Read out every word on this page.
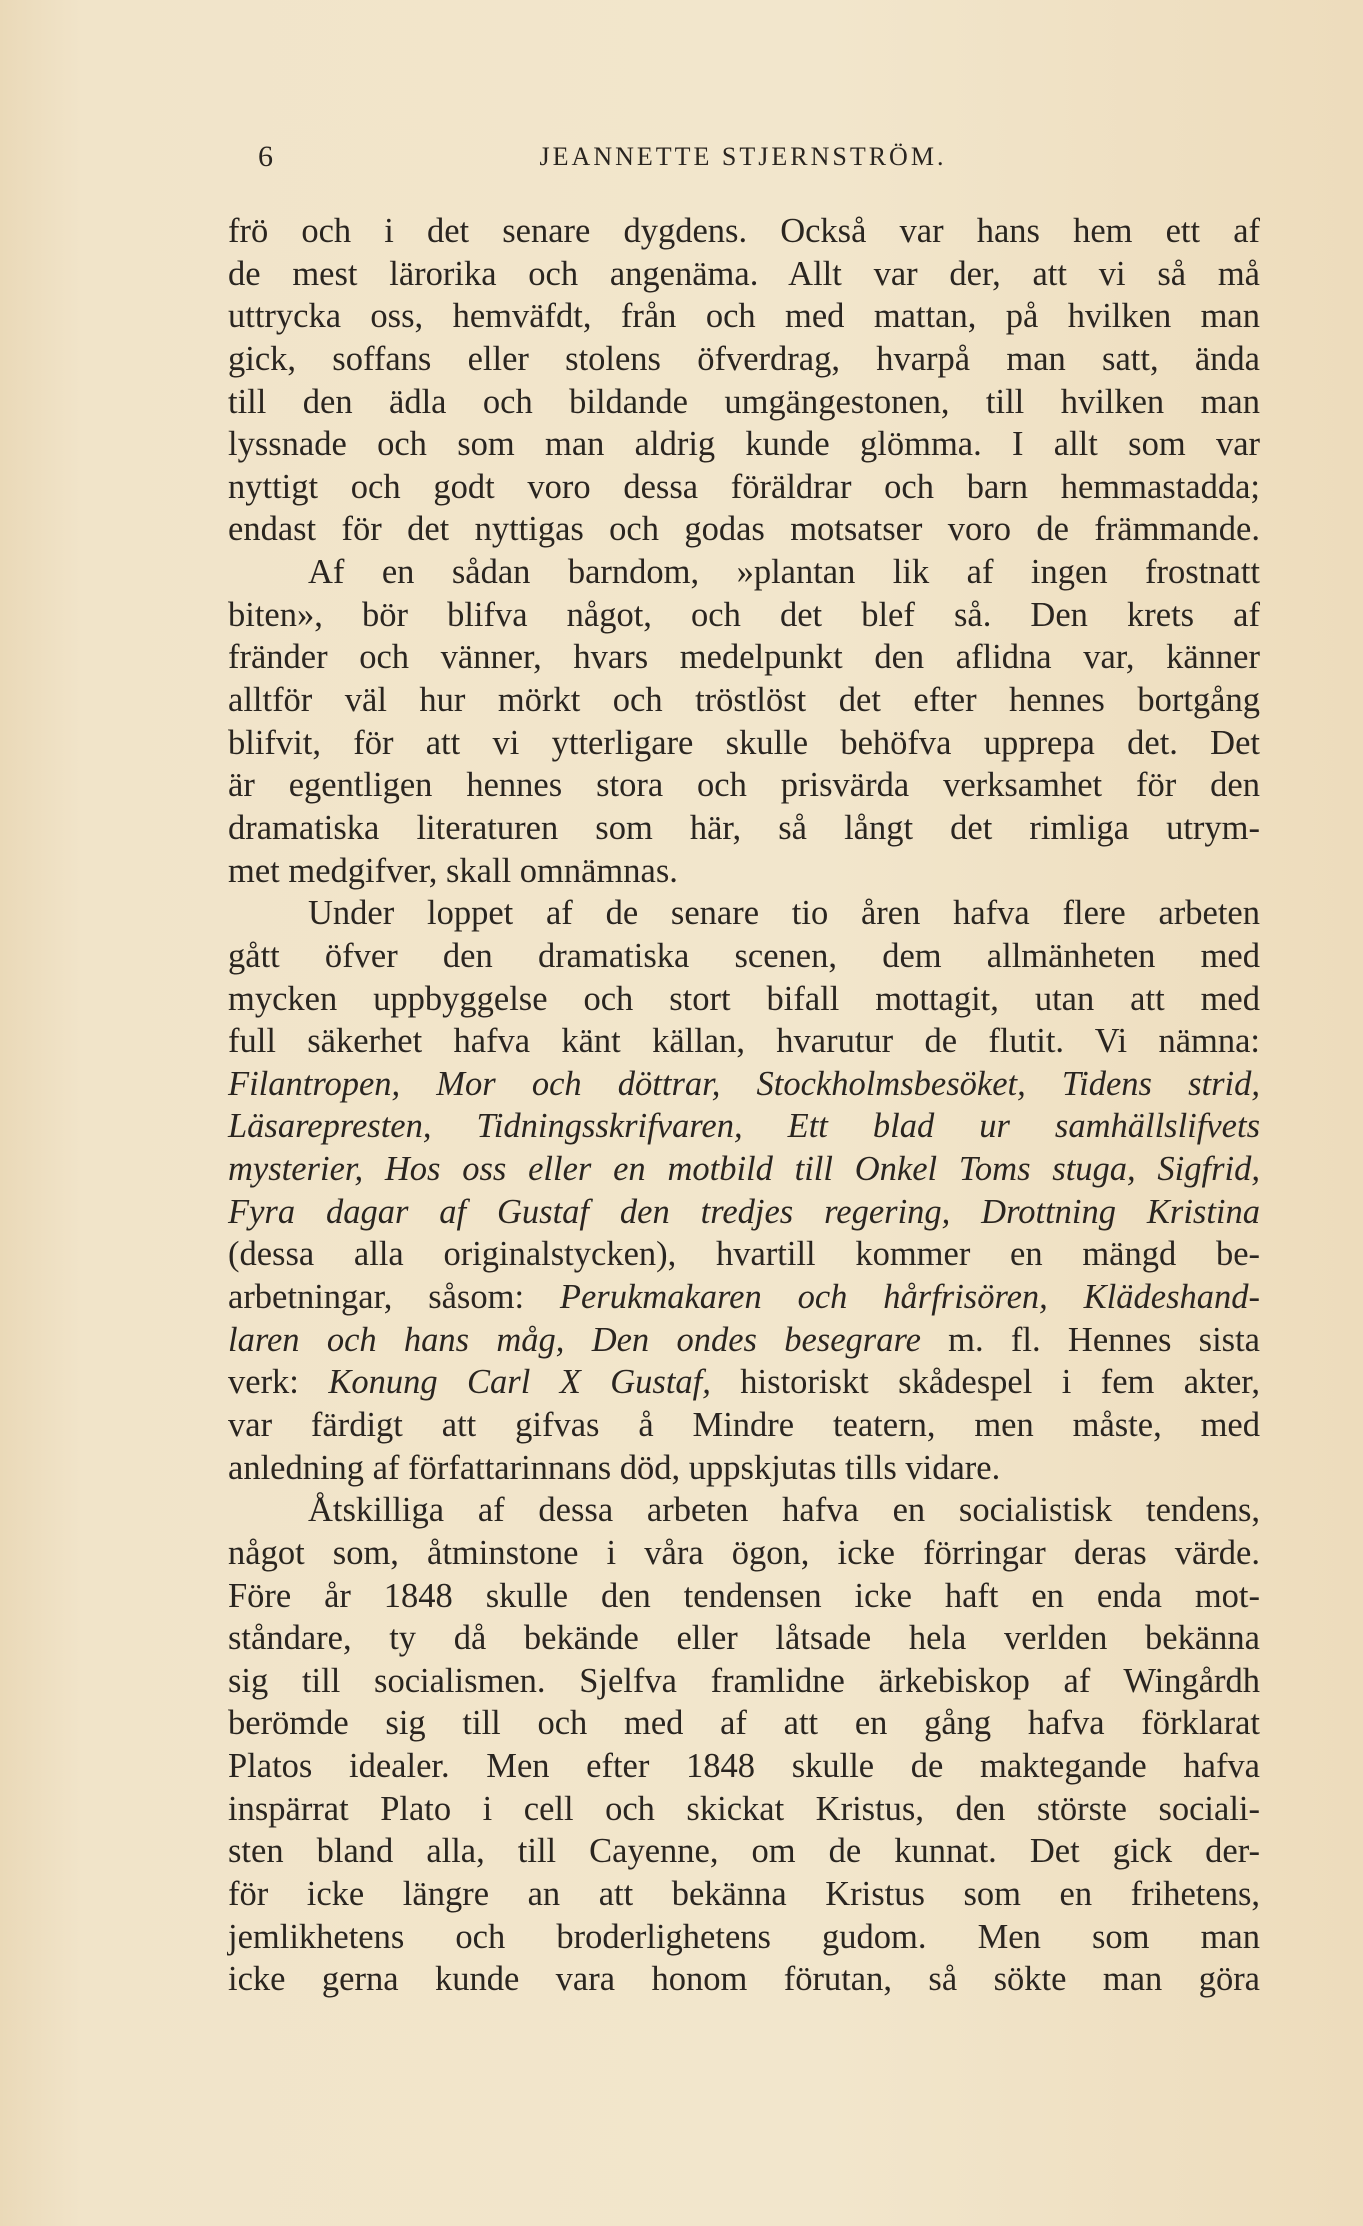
6	JEANNETTE STJERNSTRÖM.
frö och i det senare dygdens. Också var hans hem ett af
de mest lärorika och angenäma. Allt var der, att vi så må
uttrycka oss, hemväfdt, från och med mattan, på hvilken man
gick, soffans eller stolens öfverdrag, hvarpå man satt, ända
till den ädla och bildande umgängestonen, till hvilken man
lyssnade och som man aldrig kunde glömma. I allt som var
nyttigt och godt voro dessa föräldrar och barn hemmastadda;
endast för det nyttigas och godas motsatser voro de främmande.
Af en sådan barndom, »plantan lik af ingen frostnatt
biten», bör blifva något, och det blef så. Den krets af
fränder och vänner, hvars medelpunkt den aflidna var, känner
alltför väl hur mörkt och tröstlöst det efter hennes bortgång
blifvit, för att vi ytterligare skulle behöfva upprepa det. Det
är egentligen hennes stora och prisvärda verksamhet för den
dramatiska literaturen som här, så långt det rimliga utrym-
met medgifver, skall omnämnas.
Under loppet af de senare tio åren hafva flere arbeten
gått öfver den dramatiska scenen, dem allmänheten med
mycken uppbyggelse och stort bifall mottagit, utan att med
full säkerhet hafva känt källan, hvarutur de flutit. Vi nämna:
Filantropen, Mor och döttrar, Stockholmsbesöket, Tidens strid,
Läsarepresten, Tidningsskrifvaren, Ett blad ur samhällslifvets
mysterier, Hos oss eller en motbild till Onkel Toms stuga, Sigfrid,
Fyra dagar af Gustaf den tredjes regering, Drottning Kristina
(dessa alla originalstycken), hvartill kommer en mängd be-
arbetningar, såsom: Perukmakaren och hårfrisören, Klädeshand-
laren och hans måg, Den ondes besegrare m. fl. Hennes sista
verk: Konung Carl X Gustaf, historiskt skådespel i fem akter,
var färdigt att gifvas å Mindre teatern, men måste, med
anledning af författarinnans död, uppskjutas tills vidare.
Åtskilliga af dessa arbeten hafva en socialistisk tendens,
något som, åtminstone i våra ögon, icke förringar deras värde.
Före år 1848 skulle den tendensen icke haft en enda mot-
ståndare, ty då bekände eller låtsade hela verlden bekänna
sig till socialismen. Sjelfva framlidne ärkebiskop af Wingårdh
berömde sig till och med af att en gång hafva förklarat
Platos idealer. Men efter 1848 skulle de maktegande hafva
inspärrat Plato i cell och skickat Kristus, den störste sociali-
sten bland alla, till Cayenne, om de kunnat. Det gick der-
för icke längre an att bekänna Kristus som en frihetens,
jemlikhetens och broderlighetens gudom. Men som man
icke gerna kunde vara honom förutan, så sökte man göra
